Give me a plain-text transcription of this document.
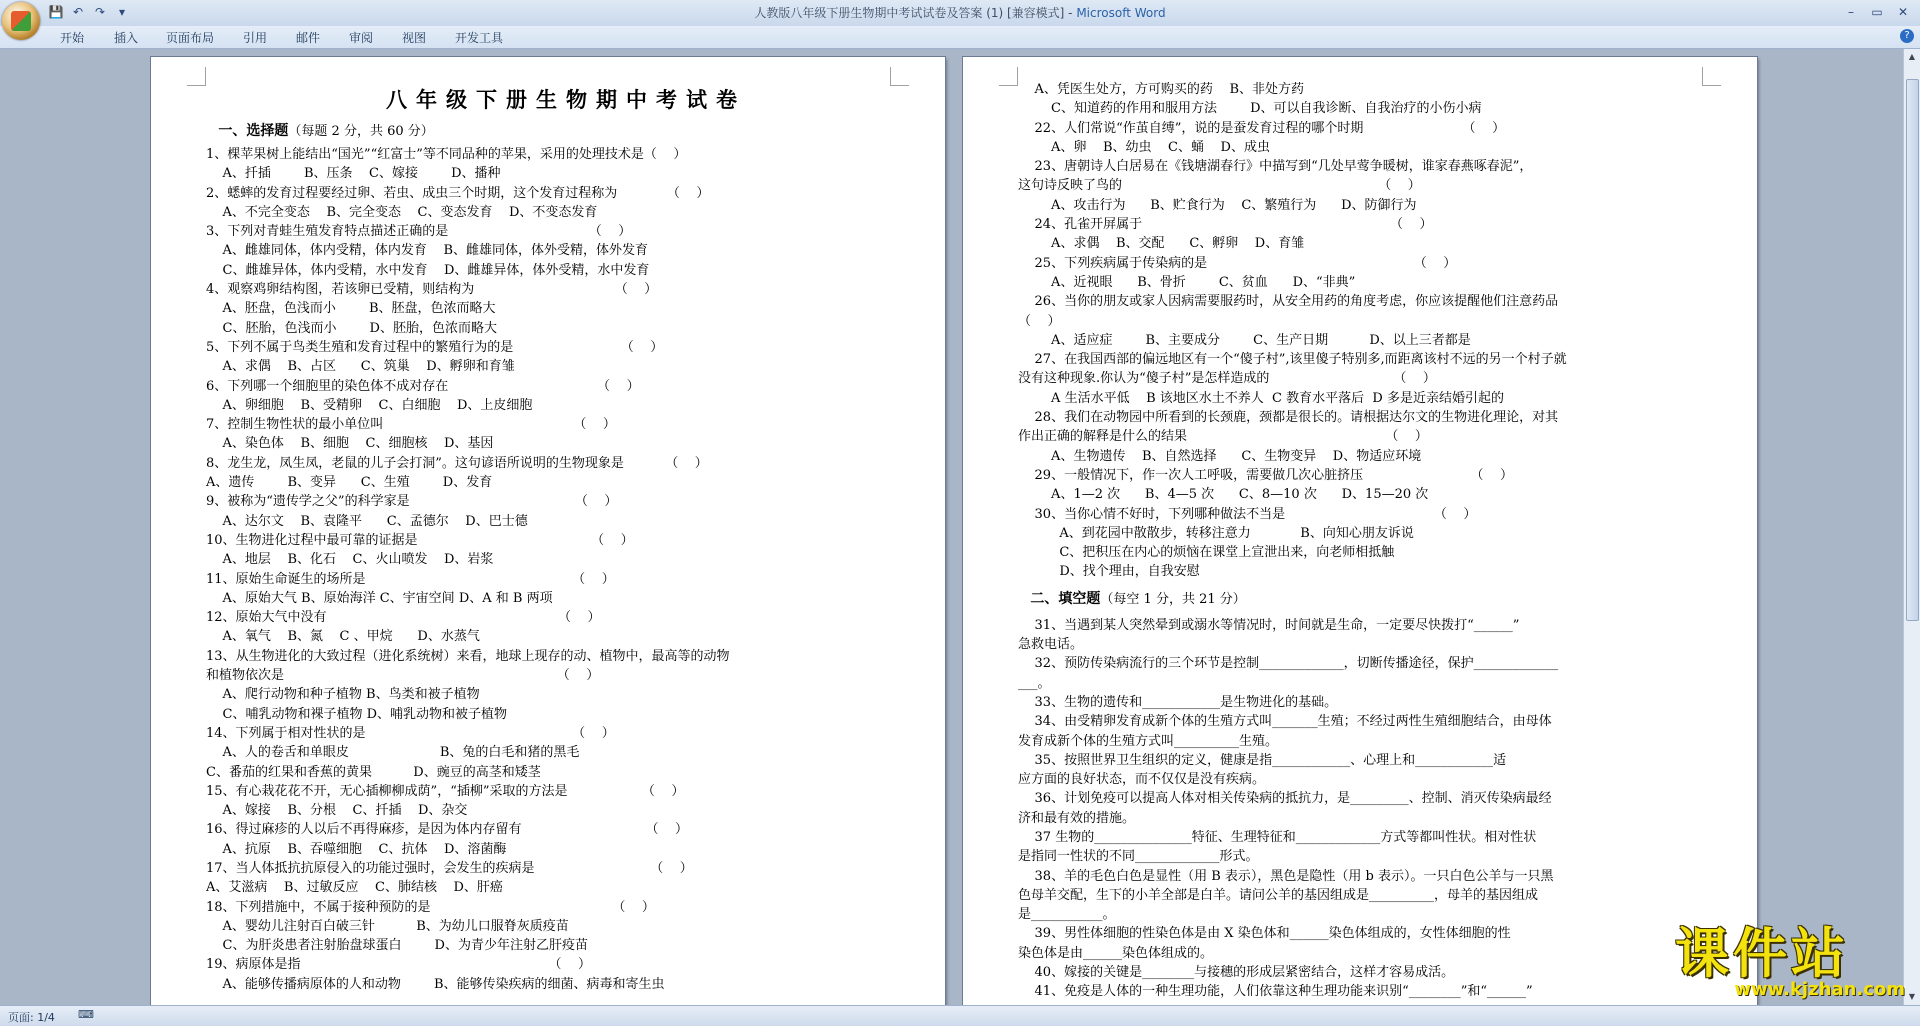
💾 ↶ ↷	▾	人教版八年级下册生物期中考试试卷及答案 (1) [兼容模式] - Microsoft Word	–	▭	✕
开始 插入 页面布局 引用 邮件 审阅 视图 开发工具	?
八年级下册生物期中考试卷
一、选择题（每题 2 分，共 60 分）
1、棵苹果树上能结出“国光”“红富士”等不同品种的苹果，采用的处理技术是（    ）
A、扦插        B、压条    C、嫁接        D、播种
2、蟋蟀的发育过程要经过卵、若虫、成虫三个时期，这个发育过程称为            （    ）
A、不完全变态    B、完全变态    C、变态发育    D、不变态发育
3、下列对青蛙生殖发育特点描述正确的是                                  （    ）
A、雌雄同体，体内受精，体内发育    B、雌雄同体，体外受精，体外发育
C、雌雄异体，体内受精，水中发育    D、雌雄异体，体外受精，水中发育
4、观察鸡卵结构图，若该卵已受精，则结构为                                  （    ）
A、胚盘，色浅而小        B、胚盘，色浓而略大
C、胚胎，色浅而小        D、胚胎，色浓而略大
5、下列不属于鸟类生殖和发育过程中的繁殖行为的是                          （    ）
A、求偶    B、占区      C、筑巢    D、孵卵和育雏
6、下列哪一个细胞里的染色体不成对存在                                    （    ）
A、卵细胞    B、受精卵    C、白细胞    D、上皮细胞
7、控制生物性状的最小单位叫                                              （    ）
A、染色体    B、细胞    C、细胞核    D、基因
8、龙生龙，凤生凤，老鼠的儿子会打洞”。这句谚语所说明的生物现象是          （    ）
A、遗传        B、变异      C、生殖        D、发育
9、被称为“遗传学之父”的科学家是                                        （    ）
A、达尔文    B、袁隆平      C、孟德尔    D、巴士德
10、生物进化过程中最可靠的证据是                                          （    ）
A、地层    B、化石    C、火山喷发    D、岩浆
11、原始生命诞生的场所是                                                  （    ）
A、原始大气 B、原始海洋 C、宇宙空间 D、A 和 B 两项
12、原始大气中没有                                                        （    ）
A、氧气    B、氮    C 、甲烷      D、水蒸气
13、从生物进化的大致过程（进化系统树）来看，地球上现存的动、植物中，最高等的动物
和植物依次是                                                                  （    ）
A、爬行动物和种子植物 B、鸟类和被子植物
C、哺乳动物和裸子植物 D、哺乳动物和被子植物
14、下列属于相对性状的是                                                  （    ）
A、人的卷舌和单眼皮                      B、兔的白毛和猪的黑毛
C、番茄的红果和香蕉的黄果          D、豌豆的高茎和矮茎
15、有心栽花花不开，无心插柳柳成荫”，“插柳”采取的方法是                  （    ）
A、嫁接    B、分根    C、扦插    D、杂交
16、得过麻疹的人以后不再得麻疹，是因为体内存留有                              （    ）
A、抗原    B、吞噬细胞    C、抗体    D、溶菌酶
17、当人体抵抗抗原侵入的功能过强时，会发生的疾病是                            （    ）
A、艾滋病    B、过敏反应    C、肺结核    D、肝癌
18、下列措施中，不属于接种预防的是                                            （    ）
A、婴幼儿注射百白破三针          B、为幼儿口服脊灰质疫苗
C、为肝炎患者注射胎盘球蛋白        D、为青少年注射乙肝疫苗
19、病原体是指                                                            （    ）
A、能够传播病原体的人和动物        B、能够传染疾病的细菌、病毒和寄生虫
A、凭医生处方，方可购买的药    B、非处方药
C、知道药的作用和服用方法        D、可以自我诊断、自我治疗的小伤小病
22、人们常说“作茧自缚”，说的是蚕发育过程的哪个时期                        （    ）
A、卵    B、幼虫    C、蛹    D、成虫
23、唐朝诗人白居易在《钱塘湖春行》中描写到“几处早莺争暖树，谁家春燕啄春泥”，
这句诗反映了鸟的                                                              （    ）
A、攻击行为      B、贮食行为    C、繁殖行为      D、防御行为
24、孔雀开屏属于                                                            （    ）
A、求偶    B、交配      C、孵卵    D、育雏
25、下列疾病属于传染病的是                                                  （    ）
A、近视眼      B、骨折        C、贫血      D、“非典”
26、当你的朋友或家人因病需要服药时，从安全用药的角度考虑，你应该提醒他们注意药品
（    ）
A、适应症        B、主要成分        C、生产日期          D、以上三者都是
27、在我国西部的偏远地区有一个“傻子村”,该里傻子特别多,而距离该村不远的另一个村子就
没有这种现象.你认为“傻子村”是怎样造成的                              （    ）
A 生活水平低    B 该地区水土不养人  C 教育水平落后  D 多是近亲结婚引起的
28、我们在动物园中所看到的长颈鹿，颈都是很长的。请根据达尔文的生物进化理论，对其
作出正确的解释是什么的结果                                                （    ）
A、生物遗传    B、自然选择      C、生物变异    D、物适应环境
29、一般情况下，作一次人工呼吸，需要做几次心脏挤压                          （    ）
A、1—2 次      B、4—5 次      C、8—10 次      D、15—20 次
30、当你心情不好时，下列哪种做法不当是                                    （    ）
A、到花园中散散步，转移注意力            B、向知心朋友诉说
C、把积压在内心的烦恼在课堂上宣泄出来，向老师相抵触
D、找个理由，自我安慰
二、填空题（每空 1 分，共 21 分）
31、当遇到某人突然晕到或溺水等情况时，时间就是生命，一定要尽快拨打“______”
急救电话。
32、预防传染病流行的三个环节是控制_____________，切断传播途径，保护_____________
___。
33、生物的遗传和____________是生物进化的基础。
34、由受精卵发育成新个体的生殖方式叫_______生殖；不经过两性生殖细胞结合，由母体
发育成新个体的生殖方式叫__________生殖。
35、按照世界卫生组织的定义，健康是指____________、心理上和____________适
应方面的良好状态，而不仅仅是没有疾病。
36、计划免疫可以提高人体对相关传染病的抵抗力，是_________、控制、消灭传染病最经
济和最有效的措施。
37 生物的_______________特征、生理特征和_____________方式等都叫性状。相对性状
是指同一性状的不同_____________形式。
38、羊的毛色白色是显性（用 B 表示），黑色是隐性（用 b 表示）。一只白色公羊与一只黑
色母羊交配，生下的小羊全部是白羊。请问公羊的基因组成是__________，母羊的基因组成
是___________。
39、男性体细胞的性染色体是由 X 染色体和______染色体组成的，女性体细胞的性
染色体是由______染色体组成的。
40、嫁接的关键是________与接穗的形成层紧密结合，这样才容易成活。
41、免疫是人体的一种生理功能，人们依靠这种生理功能来识别“________”和“______”
▲
▼
页面: 1/4 ⌨
课件站
www.kjzhan.com
